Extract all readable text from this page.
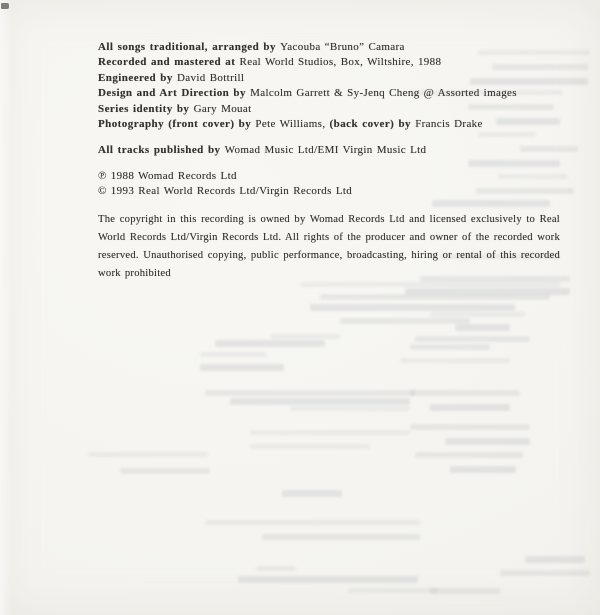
All songs traditional, arranged by Yacouba “Bruno” Camara
Recorded and mastered at Real World Studios, Box, Wiltshire, 1988
Engineered by David Bottrill
Design and Art Direction by Malcolm Garrett & Sy-Jenq Cheng @ Assorted images
Series identity by Gary Mouat
Photography (front cover) by Pete Williams, (back cover) by Francis Drake
All tracks published by Womad Music Ltd/EMI Virgin Music Ltd
℗ 1988 Womad Records Ltd
© 1993 Real World Records Ltd/Virgin Records Ltd

The copyright in this recording is owned by Womad Records Ltd and licensed exclusively to Real World Records Ltd/Virgin Records Ltd. All rights of the producer and owner of the recorded work reserved. Unauthorised copying, public performance, broadcasting, hiring or rental of this recorded work prohibited
